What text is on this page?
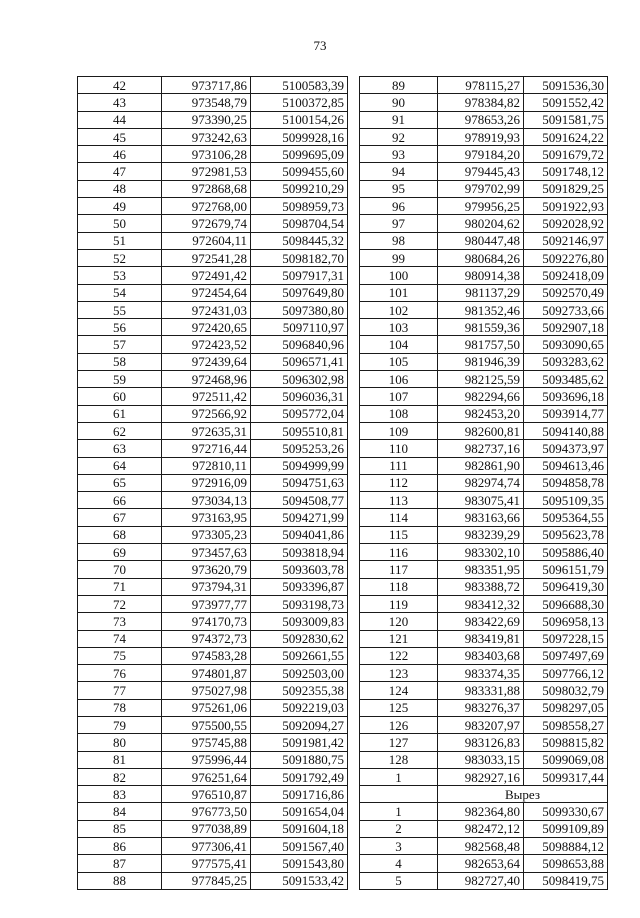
73
42	973717,86	5100583,39
43	973548,79	5100372,85
44	973390,25	5100154,26
45	973242,63	5099928,16
46	973106,28	5099695,09
47	972981,53	5099455,60
48	972868,68	5099210,29
49	972768,00	5098959,73
50	972679,74	5098704,54
51	972604,11	5098445,32
52	972541,28	5098182,70
53	972491,42	5097917,31
54	972454,64	5097649,80
55	972431,03	5097380,80
56	972420,65	5097110,97
57	972423,52	5096840,96
58	972439,64	5096571,41
59	972468,96	5096302,98
60	972511,42	5096036,31
61	972566,92	5095772,04
62	972635,31	5095510,81
63	972716,44	5095253,26
64	972810,11	5094999,99
65	972916,09	5094751,63
66	973034,13	5094508,77
67	973163,95	5094271,99
68	973305,23	5094041,86
69	973457,63	5093818,94
70	973620,79	5093603,78
71	973794,31	5093396,87
72	973977,77	5093198,73
73	974170,73	5093009,83
74	974372,73	5092830,62
75	974583,28	5092661,55
76	974801,87	5092503,00
77	975027,98	5092355,38
78	975261,06	5092219,03
79	975500,55	5092094,27
80	975745,88	5091981,42
81	975996,44	5091880,75
82	976251,64	5091792,49
83	976510,87	5091716,86
84	976773,50	5091654,04
85	977038,89	5091604,18
86	977306,41	5091567,40
87	977575,41	5091543,80
88	977845,25	5091533,42
89	978115,27	5091536,30
90	978384,82	5091552,42
91	978653,26	5091581,75
92	978919,93	5091624,22
93	979184,20	5091679,72
94	979445,43	5091748,12
95	979702,99	5091829,25
96	979956,25	5091922,93
97	980204,62	5092028,92
98	980447,48	5092146,97
99	980684,26	5092276,80
100	980914,38	5092418,09
101	981137,29	5092570,49
102	981352,46	5092733,66
103	981559,36	5092907,18
104	981757,50	5093090,65
105	981946,39	5093283,62
106	982125,59	5093485,62
107	982294,66	5093696,18
108	982453,20	5093914,77
109	982600,81	5094140,88
110	982737,16	5094373,97
111	982861,90	5094613,46
112	982974,74	5094858,78
113	983075,41	5095109,35
114	983163,66	5095364,55
115	983239,29	5095623,78
116	983302,10	5095886,40
117	983351,95	5096151,79
118	983388,72	5096419,30
119	983412,32	5096688,30
120	983422,69	5096958,13
121	983419,81	5097228,15
122	983403,68	5097497,69
123	983374,35	5097766,12
124	983331,88	5098032,79
125	983276,37	5098297,05
126	983207,97	5098558,27
127	983126,83	5098815,82
128	983033,15	5099069,08
1	982927,16	5099317,44
	Вырез	
1	982364,80	5099330,67
2	982472,12	5099109,89
3	982568,48	5098884,12
4	982653,64	5098653,88
5	982727,40	5098419,75
